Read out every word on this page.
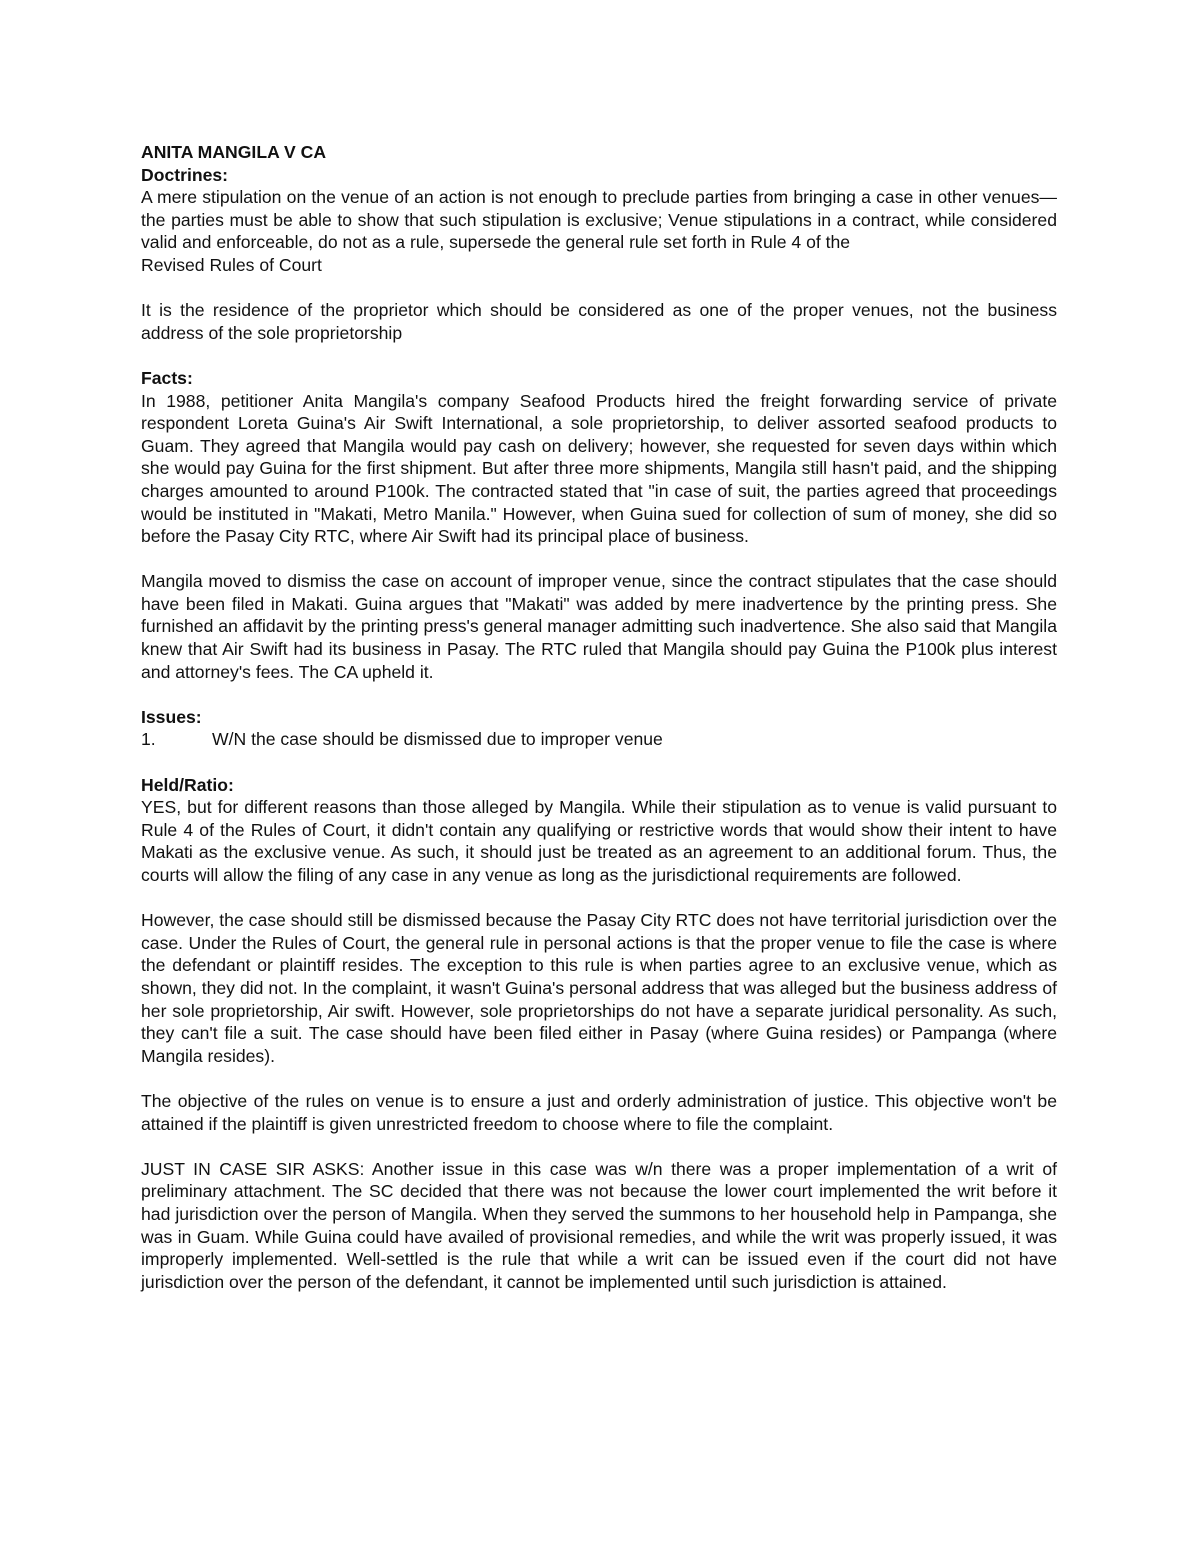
ANITA MANGILA V CA
Doctrines:

A mere stipulation on the venue of an action is not enough to preclude parties from bringing a case in other venues—the parties must be able to show that such stipulation is exclusive; Venue stipulations in a contract, while considered valid and enforceable, do not as a rule, supersede the general rule set forth in Rule 4 of the

Revised Rules of Court

It is the residence of the proprietor which should be considered as one of the proper venues, not the business address of the sole proprietorship

Facts:

In 1988, petitioner Anita Mangila's company Seafood Products hired the freight forwarding service of private respondent Loreta Guina's Air Swift International, a sole proprietorship, to deliver assorted seafood products to Guam. They agreed that Mangila would pay cash on delivery; however, she requested for seven days within which she would pay Guina for the first shipment. But after three more shipments, Mangila still hasn't paid, and the shipping charges amounted to around P100k. The contracted stated that "in case of suit, the parties agreed that proceedings would be instituted in "Makati, Metro Manila." However, when Guina sued for collection of sum of money, she did so before the Pasay City RTC, where Air Swift had its principal place of business.

Mangila moved to dismiss the case on account of improper venue, since the contract stipulates that the case should have been filed in Makati. Guina argues that "Makati" was added by mere inadvertence by the printing press. She furnished an affidavit by the printing press's general manager admitting such inadvertence. She also said that Mangila knew that Air Swift had its business in Pasay. The RTC ruled that Mangila should pay Guina the P100k plus interest and attorney's fees. The CA upheld it.

Issues:
1.	W/N the case should be dismissed due to improper venue
Held/Ratio:

YES, but for different reasons than those alleged by Mangila. While their stipulation as to venue is valid pursuant to Rule 4 of the Rules of Court, it didn't contain any qualifying or restrictive words that would show their intent to have Makati as the exclusive venue. As such, it should just be treated as an agreement to an additional forum. Thus, the courts will allow the filing of any case in any venue as long as the jurisdictional requirements are followed.

However, the case should still be dismissed because the Pasay City RTC does not have territorial jurisdiction over the case. Under the Rules of Court, the general rule in personal actions is that the proper venue to file the case is where the defendant or plaintiff resides. The exception to this rule is when parties agree to an exclusive venue, which as shown, they did not. In the complaint, it wasn't Guina's personal address that was alleged but the business address of her sole proprietorship, Air swift. However, sole proprietorships do not have a separate juridical personality. As such, they can't file a suit. The case should have been filed either in Pasay (where Guina resides) or Pampanga (where Mangila resides).

The objective of the rules on venue is to ensure a just and orderly administration of justice. This objective won't be attained if the plaintiff is given unrestricted freedom to choose where to file the complaint.

JUST IN CASE SIR ASKS: Another issue in this case was w/n there was a proper implementation of a writ of preliminary attachment. The SC decided that there was not because the lower court implemented the writ before it had jurisdiction over the person of Mangila. When they served the summons to her household help in Pampanga, she was in Guam. While Guina could have availed of provisional remedies, and while the writ was properly issued, it was improperly implemented. Well-settled is the rule that while a writ can be issued even if the court did not have jurisdiction over the person of the defendant, it cannot be implemented until such jurisdiction is attained.
